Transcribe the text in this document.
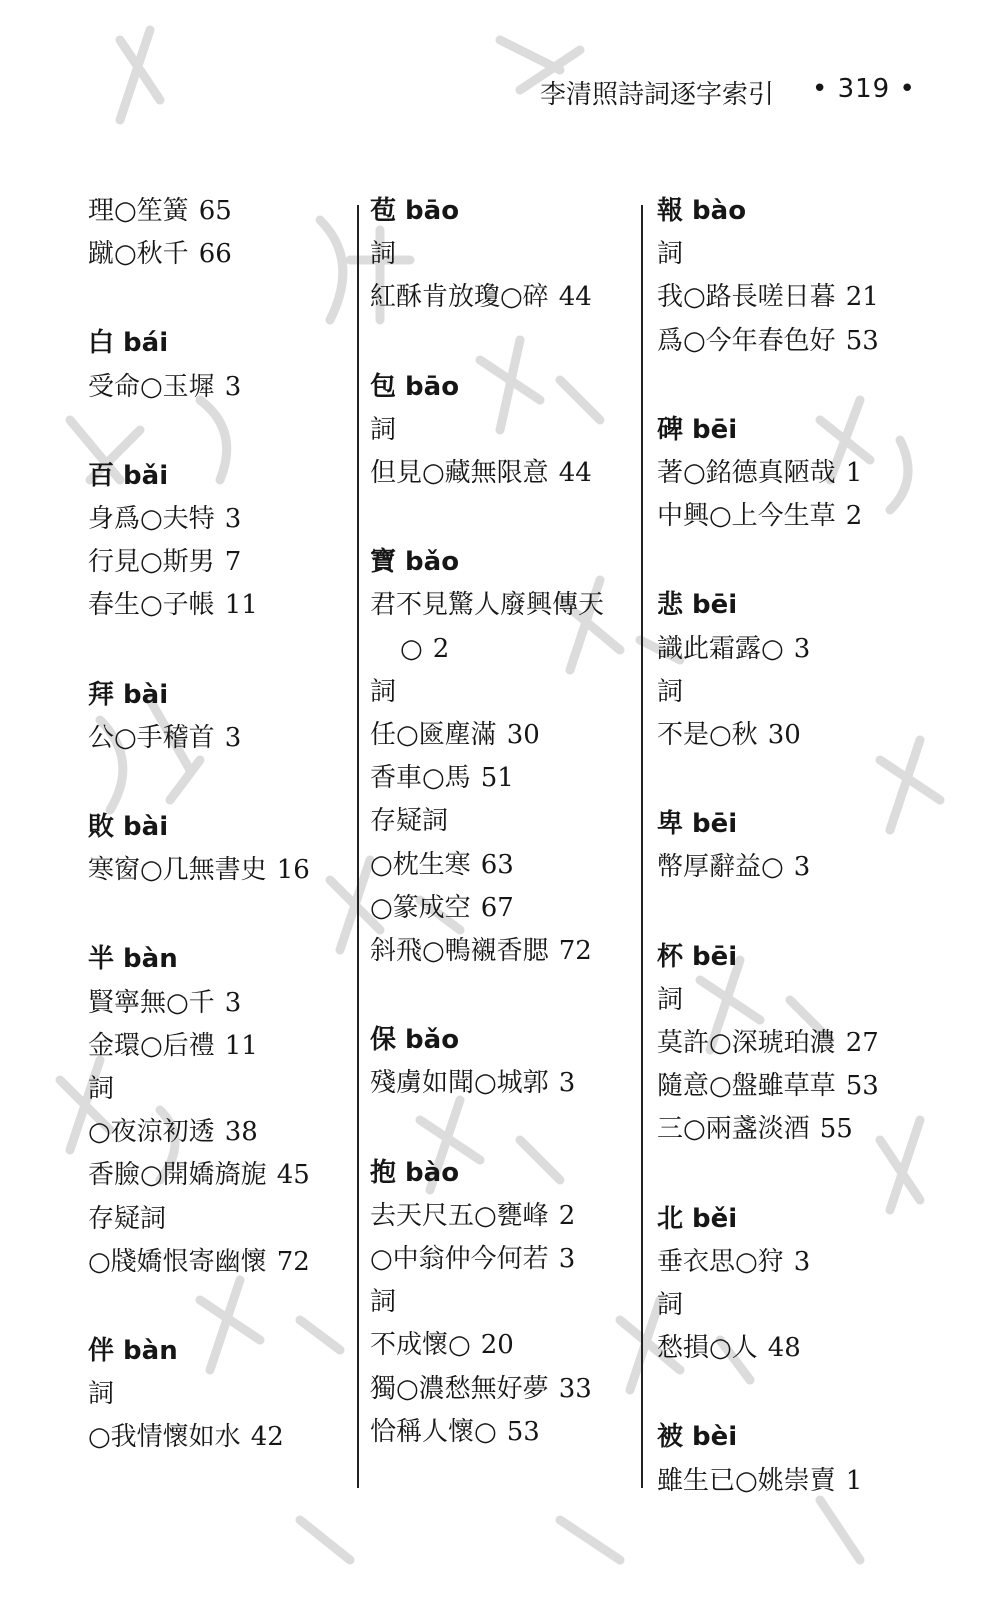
李清照詩詞逐字索引 • 319 •
理○笙簧 65
蹴○秋千 66
白 bái
受命○玉墀 3
百 bǎi
身爲○夫特 3
行見○斯男 7
春生○子帳 11
拜 bài
公○手稽首 3
敗 bài
寒窗○几無書史 16
半 bàn
賢寧無○千 3
金環○后禮 11
詞
○夜涼初透 38
香臉○開嬌旖旎 45
存疑詞
○牋嬌恨寄幽懷 72
伴 bàn
詞
○我情懷如水 42
苞 bāo
詞
紅酥肯放瓊○碎 44
包 bāo
詞
但見○藏無限意 44
寶 bǎo
君不見驚人廢興傳天
○ 2
詞
任○匳塵滿 30
香車○馬 51
存疑詞
○枕生寒 63
○篆成空 67
斜飛○鴨襯香腮 72
保 bǎo
殘虜如聞○城郭 3
抱 bào
去天尺五○甕峰 2
○中翁仲今何若 3
詞
不成懷○ 20
獨○濃愁無好夢 33
恰稱人懷○ 53
報 bào
詞
我○路長嗟日暮 21
爲○今年春色好 53
碑 bēi
著○銘德真陋哉 1
中興○上今生草 2
悲 bēi
識此霜露○ 3
詞
不是○秋 30
卑 bēi
幣厚辭益○ 3
杯 bēi
詞
莫許○深琥珀濃 27
隨意○盤雖草草 53
三○兩盞淡酒 55
北 běi
垂衣思○狩 3
詞
愁損○人 48
被 bèi
雖生已○姚崇賣 1
